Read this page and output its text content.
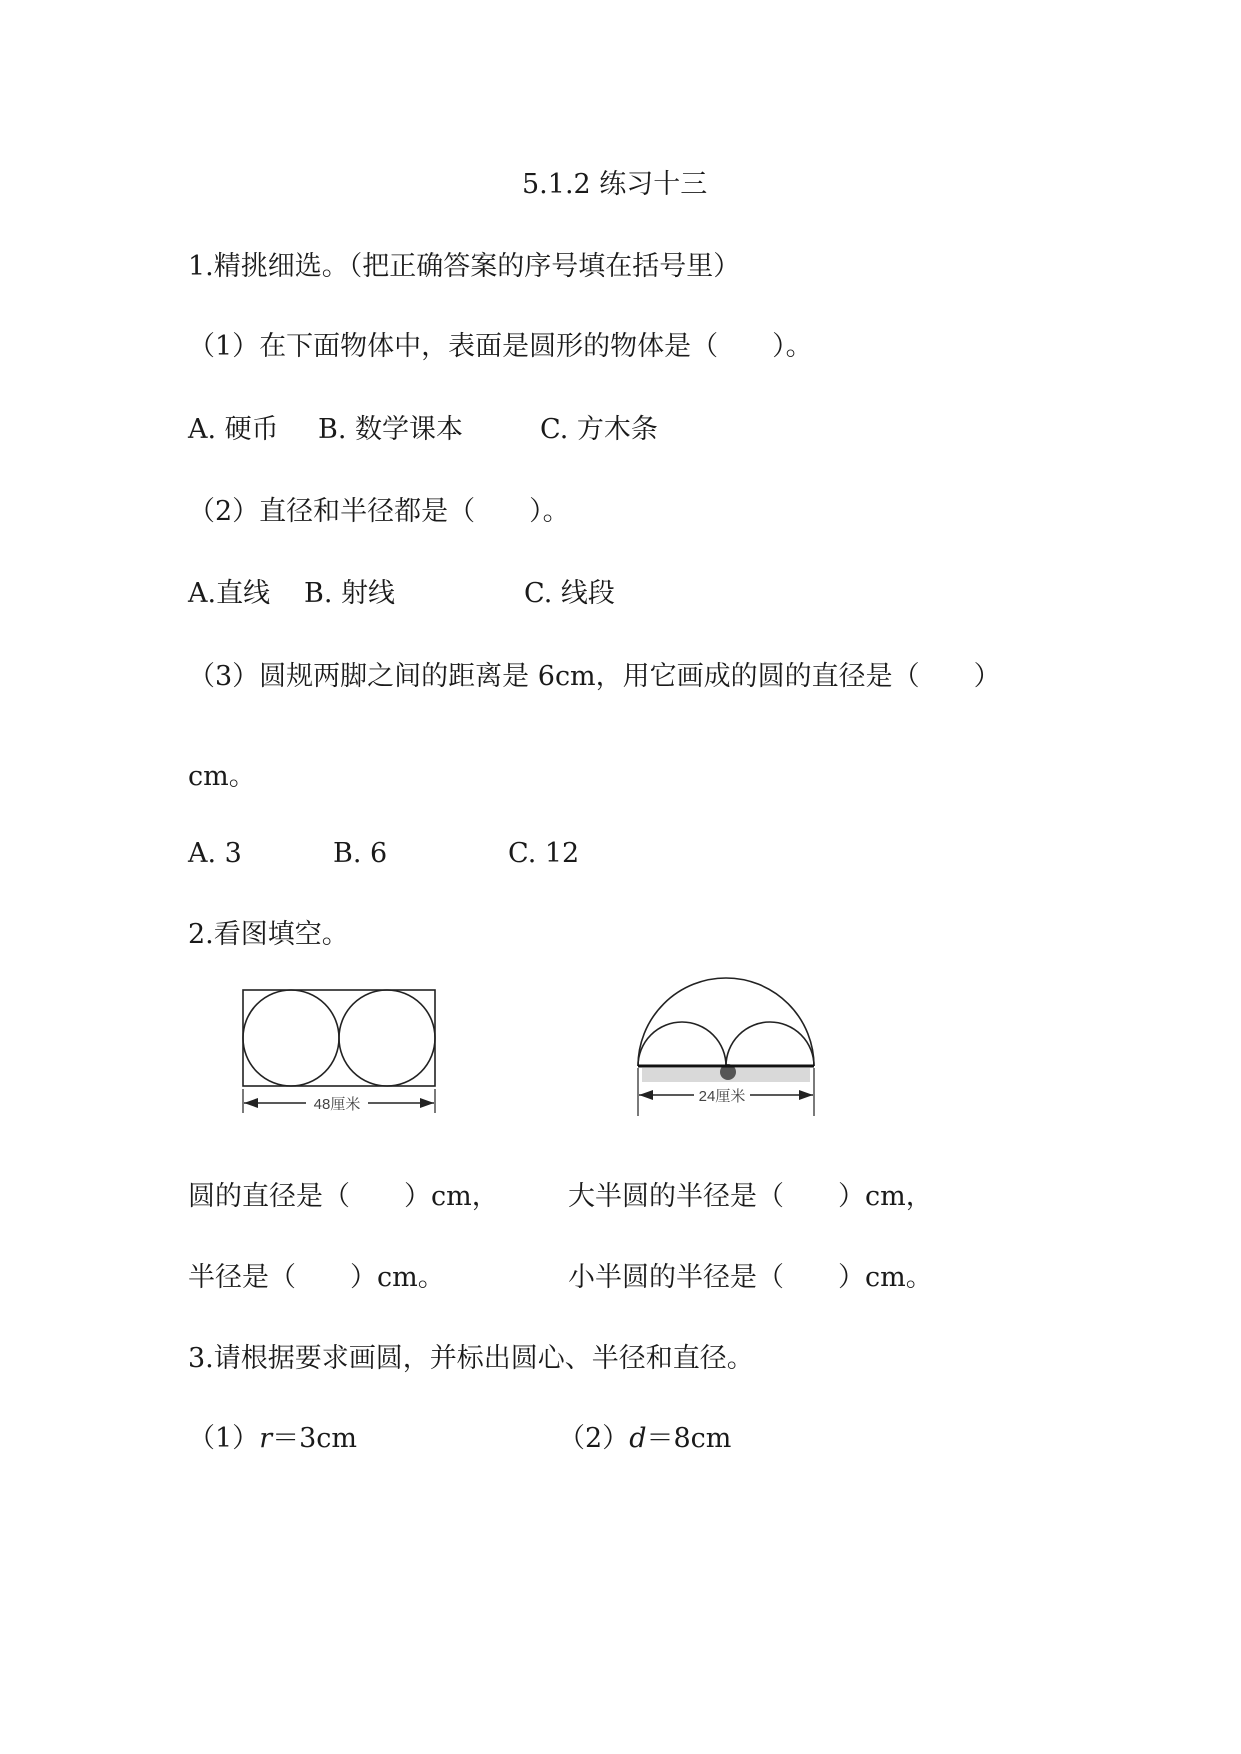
5.1.2 练习十三
1.精挑细选。（把正确答案的序号填在括号里）
（1）在下面物体中，表面是圆形的物体是（　　）。
A. 硬币 B. 数学课本	C. 方木条
（2）直径和半径都是（　　）。
A.直线 B. 射线	C. 线段
（3）圆规两脚之间的距离是 6cm，用它画成的圆的直径是（　　）
cm。
A. 3	B. 6	C. 12
2.看图填空。
48厘米	24厘米
圆的直径是（　　）cm，	大半圆的半径是（　　）cm，
半径是（　　）cm。	小半圆的半径是（　　）cm。
3.请根据要求画圆，并标出圆心、半径和直径。
（1）r＝3cm	（2）d＝8cm
